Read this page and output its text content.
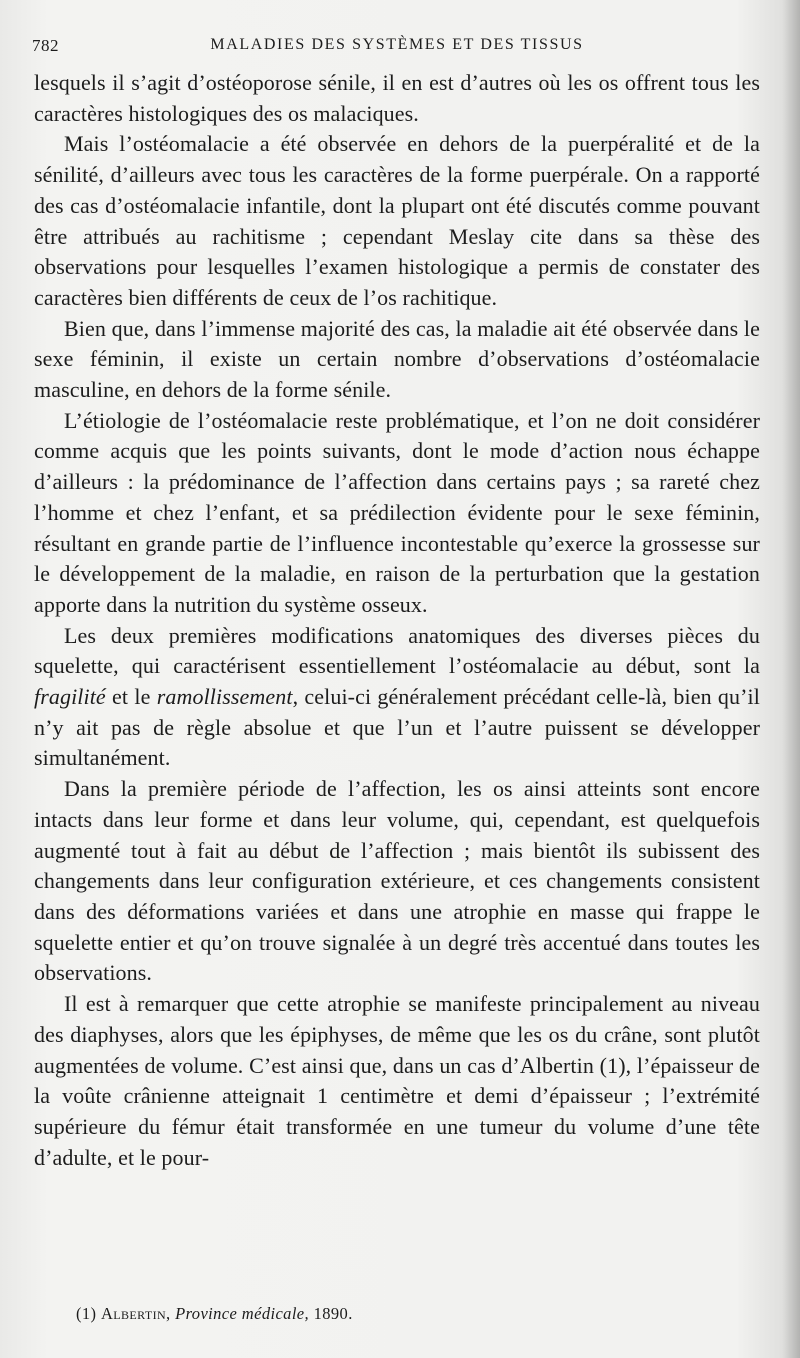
782	MALADIES DES SYSTÈMES ET DES TISSUS

lesquels il s’agit d’ostéoporose sénile, il en est d’autres où les os offrent tous les caractères histologiques des os malaciques.

Mais l’ostéomalacie a été observée en dehors de la puerpéralité et de la sénilité, d’ailleurs avec tous les caractères de la forme puerpérale. On a rapporté des cas d’ostéomalacie infantile, dont la plupart ont été discutés comme pouvant être attribués au rachitisme ; cependant Meslay cite dans sa thèse des observations pour lesquelles l’examen histologique a permis de constater des caractères bien différents de ceux de l’os rachitique.

Bien que, dans l’immense majorité des cas, la maladie ait été observée dans le sexe féminin, il existe un certain nombre d’observations d’ostéomalacie masculine, en dehors de la forme sénile.

L’étiologie de l’ostéomalacie reste problématique, et l’on ne doit considérer comme acquis que les points suivants, dont le mode d’action nous échappe d’ailleurs : la prédominance de l’affection dans certains pays ; sa rareté chez l’homme et chez l’enfant, et sa prédilection évidente pour le sexe féminin, résultant en grande partie de l’influence incontestable qu’exerce la grossesse sur le développement de la maladie, en raison de la perturbation que la gestation apporte dans la nutrition du système osseux.

Les deux premières modifications anatomiques des diverses pièces du squelette, qui caractérisent essentiellement l’ostéomalacie au début, sont la fragilité et le ramollissement, celui-ci généralement précédant celle-là, bien qu’il n’y ait pas de règle absolue et que l’un et l’autre puissent se développer simultanément.

Dans la première période de l’affection, les os ainsi atteints sont encore intacts dans leur forme et dans leur volume, qui, cependant, est quelquefois augmenté tout à fait au début de l’affection ; mais bientôt ils subissent des changements dans leur configuration extérieure, et ces changements consistent dans des déformations variées et dans une atrophie en masse qui frappe le squelette entier et qu’on trouve signalée à un degré très accentué dans toutes les observations.

Il est à remarquer que cette atrophie se manifeste principalement au niveau des diaphyses, alors que les épiphyses, de même que les os du crâne, sont plutôt augmentées de volume. C’est ainsi que, dans un cas d’Albertin (1), l’épaisseur de la voûte crânienne atteignait 1 centimètre et demi d’épaisseur ; l’extrémité supérieure du fémur était transformée en une tumeur du volume d’une tête d’adulte, et le pour-

(1) Albertin, Province médicale, 1890.
